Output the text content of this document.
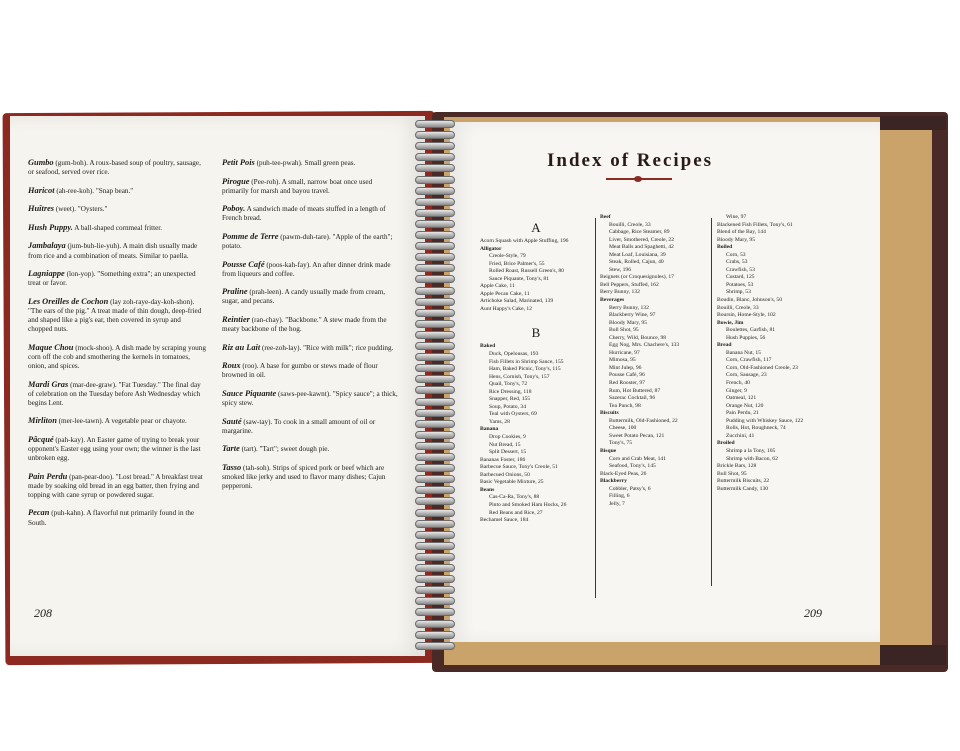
Gumbo (gum-boh). A roux-based soup of poultry, sausage, or seafood, served over rice.
Haricot (ah-ree-koh). "Snap bean."
Huîtres (weet). "Oysters."
Hush Puppy. A ball-shaped cornmeal fritter.
Jambalaya (jum-buh-lie-yuh). A main dish usually made from rice and a combination of meats. Similar to paella.
Lagniappe (lon-yop). "Something extra"; an unexpected treat or favor.
Les Oreilles de Cochon (lay zoh-raye-day-koh-shon). "The ears of the pig." A treat made of thin dough, deep-fried and shaped like a pig's ear, then covered in syrup and chopped nuts.
Maque Chou (mock-shoo). A dish made by scraping young corn off the cob and smothering the kernels in tomatoes, onion, and spices.
Mardi Gras (mar-dee-graw). "Fat Tuesday." The final day of celebration on the Tuesday before Ash Wednesday which begins Lent.
Mirliton (mer-lee-tawn). A vegetable pear or chayote.
Pâcqué (pah-kay). An Easter game of trying to break your opponent's Easter egg using your own; the winner is the last unbroken egg.
Pain Perdu (pan-pear-doo). "Lost bread." A breakfast treat made by soaking old bread in an egg batter, then frying and topping with cane syrup or powdered sugar.
Pecan (puh-kahn). A flavorful nut primarily found in the South.
Petit Pois (puh-tee-pwah). Small green peas.
Pirogue (Pee-roh). A small, narrow boat once used primarily for marsh and bayou travel.
Poboy. A sandwich made of meats stuffed in a length of French bread.
Pomme de Terre (pawm-duh-tare). "Apple of the earth"; potato.
Pousse Café (poos-kah-fay). An after dinner drink made from liqueurs and coffee.
Praline (prah-leen). A candy usually made from cream, sugar, and pecans.
Reintier (ran-chay). "Backbone." A stew made from the meaty backbone of the hog.
Riz au Lait (ree-zoh-lay). "Rice with milk"; rice pudding.
Roux (roo). A base for gumbo or stews made of flour browned in oil.
Sauce Piquante (saws-pee-kawnt). "Spicy sauce"; a thick, spicy stew.
Sauté (saw-tay). To cook in a small amount of oil or margarine.
Tarte (tart). "Tart"; sweet dough pie.
Tasso (tah-soh). Strips of spiced pork or beef which are smoked like jerky and used to flavor many dishes; Cajun pepperoni.
208
Index of Recipes
A
Acorn Squash with Apple Stuffing, 196
Alligator
Creole-Style, 79
Fried, Brice Palmer's, 55
Rolled Roast, Russell Green's, 80
Sauce Piquante, Tony's, 81
Apple Cake, 11
Apple Pecan Cake, 11
Artichoke Salad, Marinated, 139
Aunt Happy's Cake, 12
B
Baked
Duck, Opelousas, 193
Fish Fillets in Shrimp Sauce, 155
Ham, Baked Picnic, Tony's, 115
Hens, Cornish, Tony's, 157
Quail, Tony's, 72
Rice Dressing, 118
Snapper, Red, 155
Soup, Potato, 34
Teal with Oysters, 69
Yams, 28
Banana
Drop Cookies, 9
Nut Bread, 15
Split Dessert, 15
Bananas Foster, 186
Barbecue Sauce, Tony's Creole, 51
Barbecued Onions, 50
Basic Vegetable Mixture, 25
Beans
Cas-Ca-Ra, Tony's, 88
Pinto and Smoked Ham Hocks, 26
Red Beans and Rice, 27
Bechamel Sauce, 184
Beef
Bouilli, Creole, 33
Cabbage, Rice Steamer, 89
Liver, Smothered, Creole, 22
Meat Balls and Spaghetti, 42
Meat Loaf, Louisiana, 39
Steak, Rolled, Cajun, 40
Stew, 196
Beignets (or Croquesignoles), 17
Bell Peppers, Stuffed, 162
Berry Bunny, 132
Beverages
Berry Bunny, 132
Blackberry Wine, 97
Bloody Mary, 95
Bull Shot, 95
Cherry, Wild, Bounce, 98
Egg Nog, Mrs. Chachere's, 133
Hurricane, 97
Mimosa, 95
Mint Julep, 96
Pousse Café, 96
Red Rooster, 97
Rum, Hot Buttered, 87
Sazerac Cocktail, 96
Tea Punch, 98
Biscuits
Buttermilk, Old-Fashioned, 22
Cheese, 100
Sweet Potato Pecan, 121
Tony's, 75
Bisque
Corn and Crab Meat, 141
Seafood, Tony's, 145
Black-Eyed Peas, 26
Blackberry
Cobbler, Patsy's, 6
Filling, 6
Jelly, 7
Wine, 97
Blackened Fish Fillets, Tony's, 61
Blend of the Bay, 144
Bloody Mary, 95
Boiled
Corn, 53
Crabs, 53
Crawfish, 53
Custard, 125
Potatoes, 53
Shrimp, 53
Boudin, Blanc, Johnson's, 50
Bouilli, Creole, 33
Boursin, Home-Style, 102
Bowie, Jim
Boulettes, Garfish, 81
Hush Puppies, 56
Bread
Banana Nut, 15
Corn, Crawfish, 117
Corn, Old-Fashioned Creole, 23
Corn, Sausage, 23
French, 40
Ginger, 9
Oatmeal, 121
Orange Nut, 120
Pain Perdu, 21
Pudding with Whiskey Sauce, 122
Rolls, Hot, Roughneck, 74
Zucchini, 41
Broiled
Shrimp a la Tony, 105
Shrimp with Bacon, 62
Brickle Bars, 128
Bull Shot, 95
Buttermilk Biscuits, 22
Buttermilk Candy, 130
209
